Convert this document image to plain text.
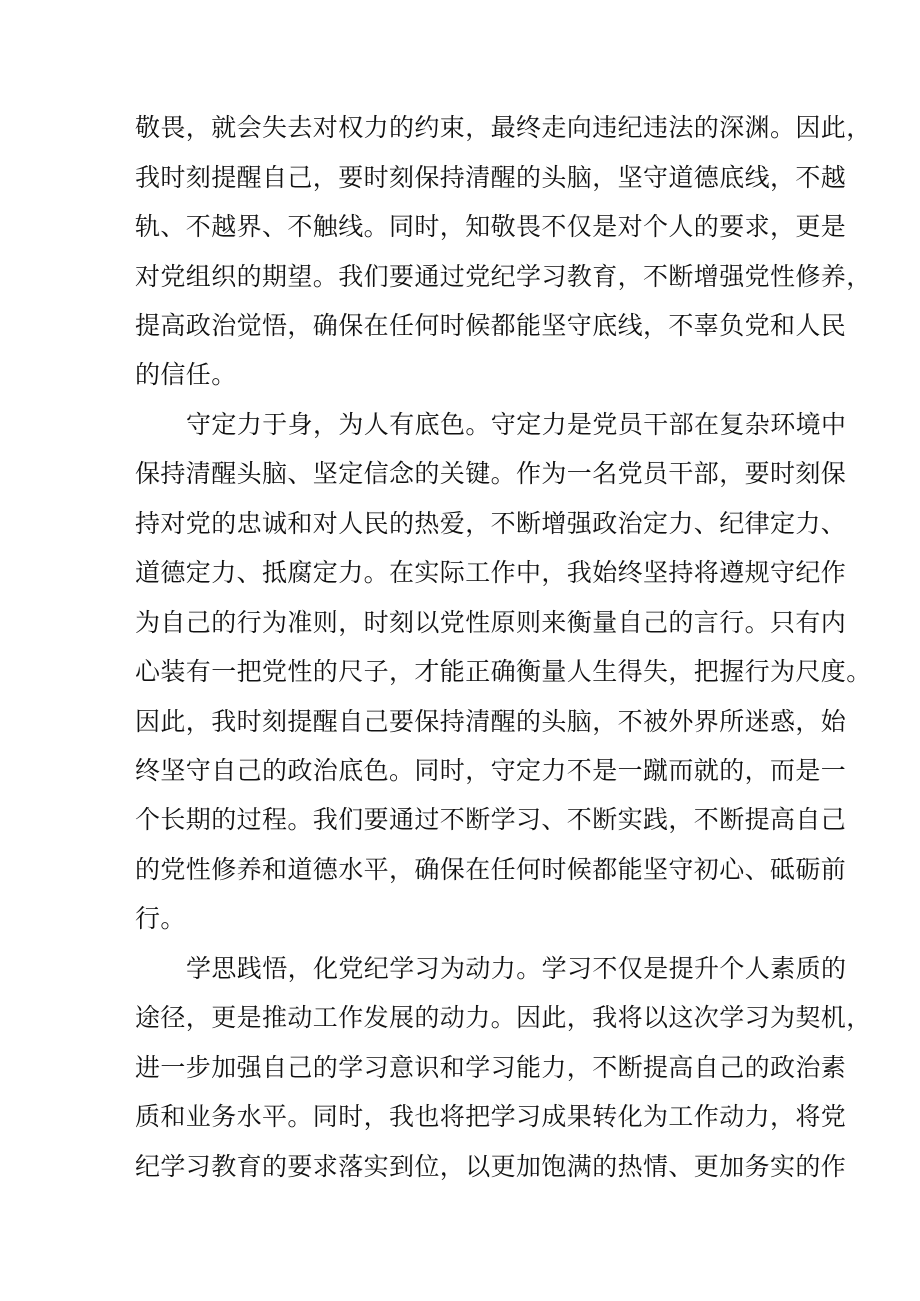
敬畏，就会失去对权力的约束，最终走向违纪违法的深渊。因此，
我时刻提醒自己，要时刻保持清醒的头脑，坚守道德底线，不越
轨、不越界、不触线。同时，知敬畏不仅是对个人的要求，更是
对党组织的期望。我们要通过党纪学习教育，不断增强党性修养，
提高政治觉悟，确保在任何时候都能坚守底线，不辜负党和人民
的信任。
守定力于身，为人有底色。守定力是党员干部在复杂环境中
保持清醒头脑、坚定信念的关键。作为一名党员干部，要时刻保
持对党的忠诚和对人民的热爱，不断增强政治定力、纪律定力、
道德定力、抵腐定力。在实际工作中，我始终坚持将遵规守纪作
为自己的行为准则，时刻以党性原则来衡量自己的言行。只有内
心装有一把党性的尺子，才能正确衡量人生得失，把握行为尺度。
因此，我时刻提醒自己要保持清醒的头脑，不被外界所迷惑，始
终坚守自己的政治底色。同时，守定力不是一蹴而就的，而是一
个长期的过程。我们要通过不断学习、不断实践，不断提高自己
的党性修养和道德水平，确保在任何时候都能坚守初心、砥砺前
行。
学思践悟，化党纪学习为动力。学习不仅是提升个人素质的
途径，更是推动工作发展的动力。因此，我将以这次学习为契机，
进一步加强自己的学习意识和学习能力，不断提高自己的政治素
质和业务水平。同时，我也将把学习成果转化为工作动力，将党
纪学习教育的要求落实到位，以更加饱满的热情、更加务实的作
